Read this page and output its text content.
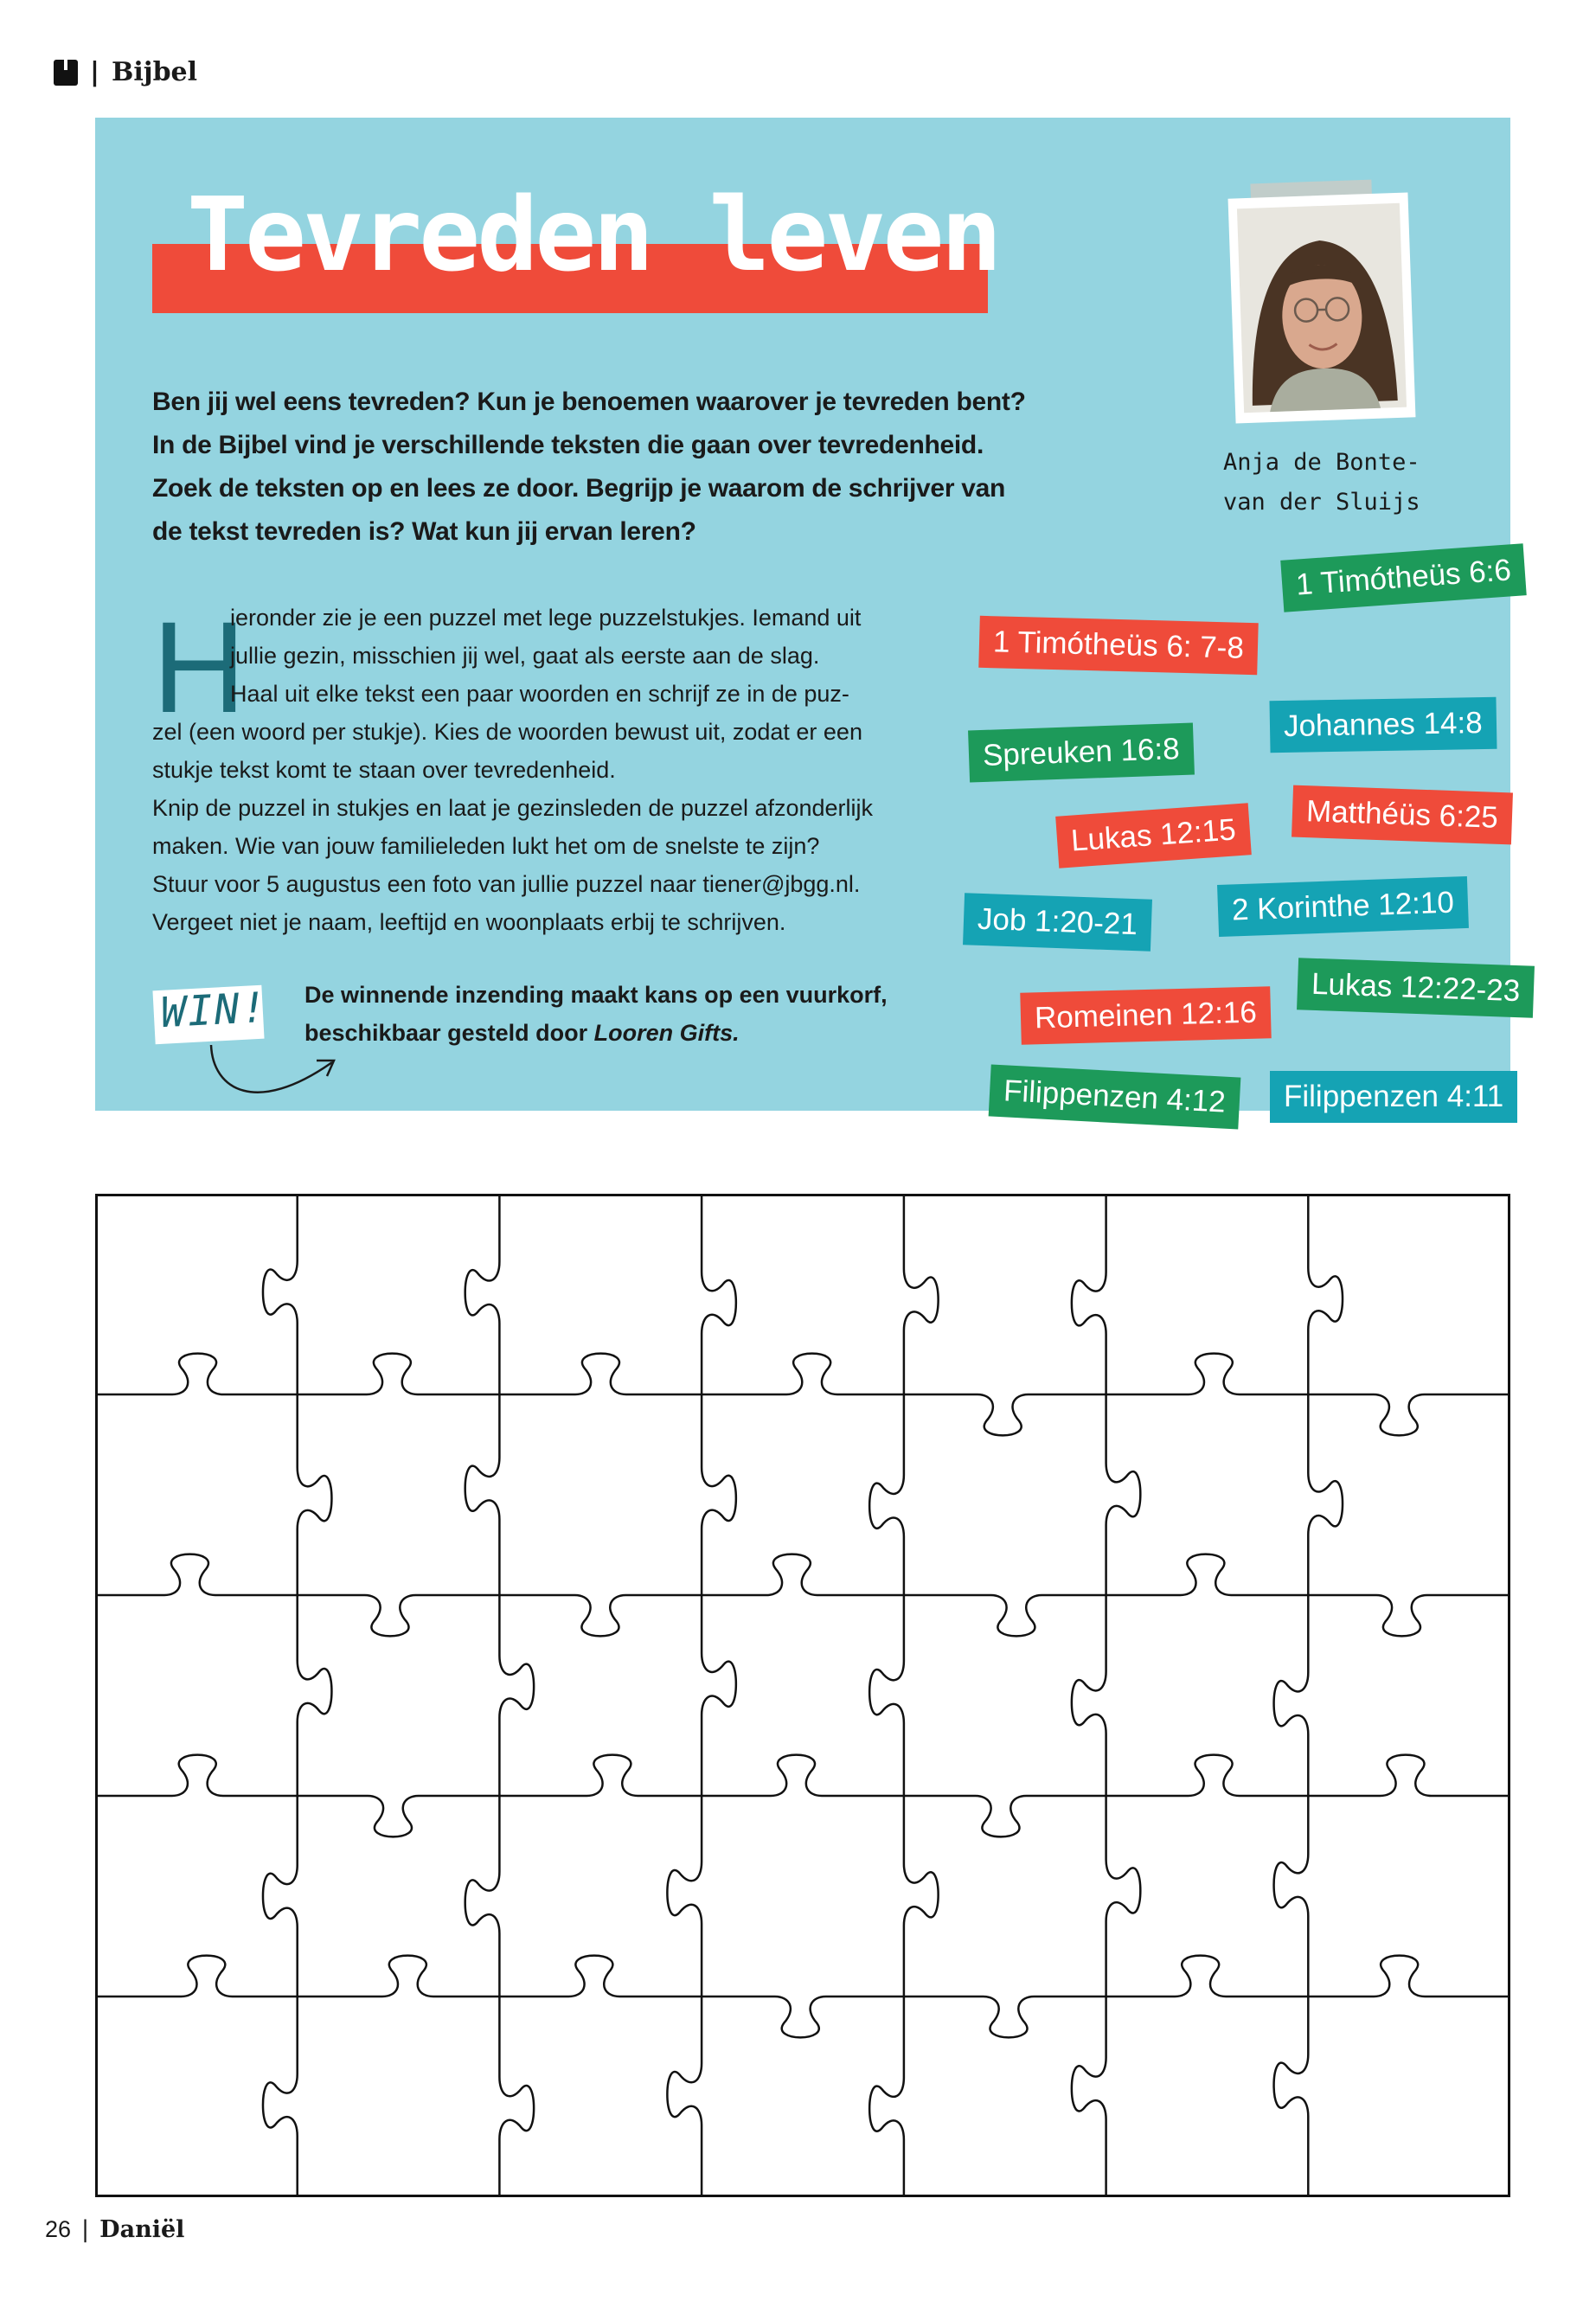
| Bijbel
Tevreden leven
Ben jij wel eens tevreden? Kun je benoemen waarover je tevreden bent?
In de Bijbel vind je verschillende teksten die gaan over tevredenheid.
Zoek de teksten op en lees ze door. Begrijp je waarom de schrijver van
de tekst tevreden is? Wat kun jij ervan leren?
H
ieronder zie je een puzzel met lege puzzelstukjes. Iemand uit
jullie gezin, misschien jij wel, gaat als eerste aan de slag.
Haal uit elke tekst een paar woorden en schrijf ze in de puz-
zel (een woord per stukje). Kies de woorden bewust uit, zodat er een
stukje tekst komt te staan over tevredenheid.
Knip de puzzel in stukjes en laat je gezinsleden de puzzel afzonderlijk
maken. Wie van jouw familieleden lukt het om de snelste te zijn?
Stuur voor 5 augustus een foto van jullie puzzel naar tiener@jbgg.nl.
Vergeet niet je naam, leeftijd en woonplaats erbij te schrijven.
WIN! De winnende inzending maakt kans op een vuurkorf,
beschikbaar gesteld door Looren Gifts.
Anja de Bonte-
van der Sluijs
1 Timótheüs 6:6
1 Timótheüs 6: 7-8
Johannes 14:8
Spreuken 16:8
Matthéüs 6:25
Lukas 12:15
2 Korinthe 12:10
Job 1:20-21
Lukas 12:22-23
Romeinen 12:16
Filippenzen 4:12	Filippenzen 4:11
26 | Daniël
